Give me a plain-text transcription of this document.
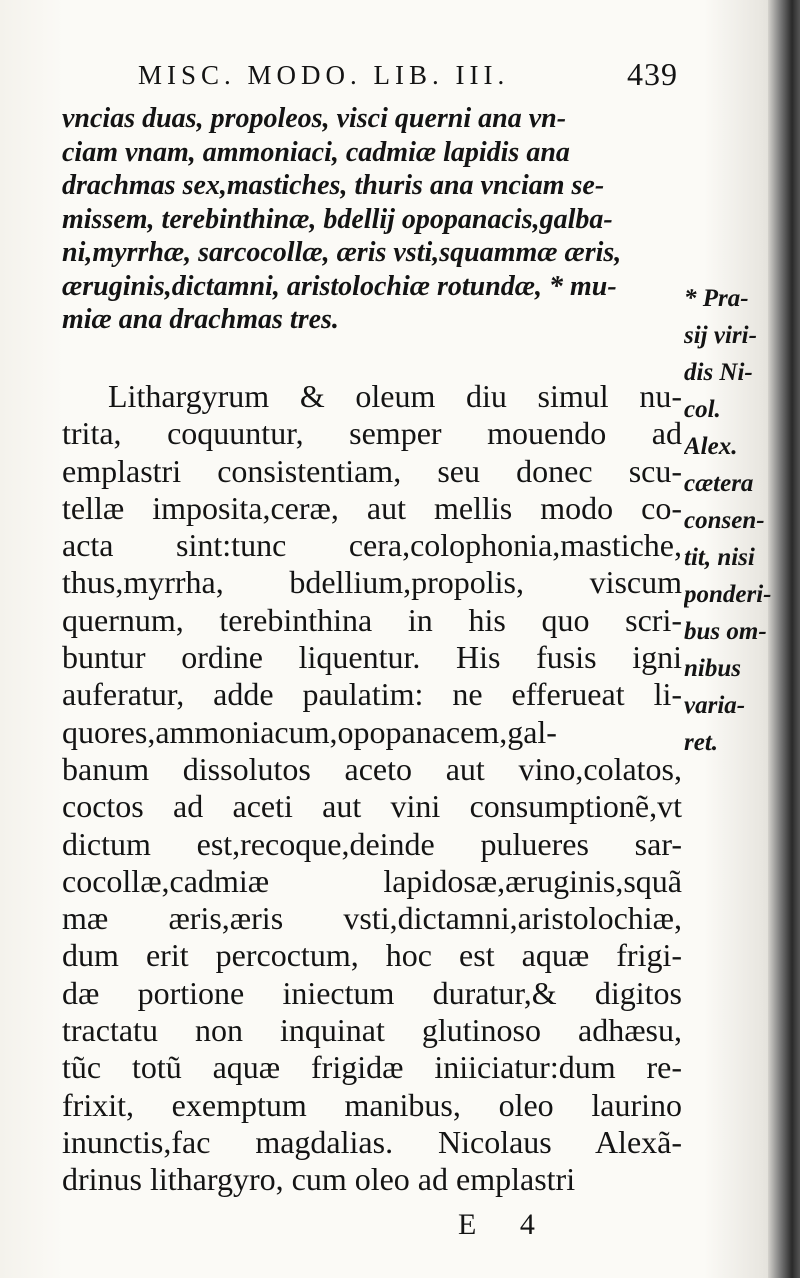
MISC. MODO. LIB. III.	439
vncias duas, propoleos, visci querni ana vn-
ciam vnam, ammoniaci, cadmiæ lapidis ana
drachmas sex,mastiches, thuris ana vnciam se-
missem, terebinthinæ, bdellij opopanacis,galba-
ni,myrrhæ, sarcocollæ, æris vsti,squammæ æris,
æruginis,dictamni, aristolochiæ rotundæ, * mu-
miæ ana drachmas tres.
Lithargyrum & oleum diu simul nu-
trita, coquuntur, semper mouendo ad
emplastri consistentiam, seu donec scu-
tellæ imposita,ceræ, aut mellis modo co-
acta sint:tunc cera,colophonia,mastiche,
thus,myrrha, bdellium,propolis, viscum
quernum, terebinthina in his quo scri-
buntur ordine liquentur. His fusis igni
auferatur, adde paulatim: ne efferueat li-
quores,ammoniacum,opopanacem,gal-
banum dissolutos aceto aut vino,colatos,
coctos ad aceti aut vini consumptionẽ,vt
dictum est,recoque,deinde pulueres sar-
cocollæ,cadmiæ lapidosæ,æruginis,squã
mæ æris,æris vsti,dictamni,aristolochiæ,
dum erit percoctum, hoc est aquæ frigi-
dæ portione iniectum duratur,& digitos
tractatu non inquinat glutinoso adhæsu,
tũc totũ aquæ frigidæ iniiciatur:dum re-
frixit, exemptum manibus, oleo laurino
inunctis,fac magdalias. Nicolaus Alexã-
drinus lithargyro, cum oleo ad emplastri
* Pra-
sij viri-
dis Ni-
col.
Alex.
cætera
consen-
tit, nisi
ponderi-
bus om-
nibus
varia-
ret.
E 4
